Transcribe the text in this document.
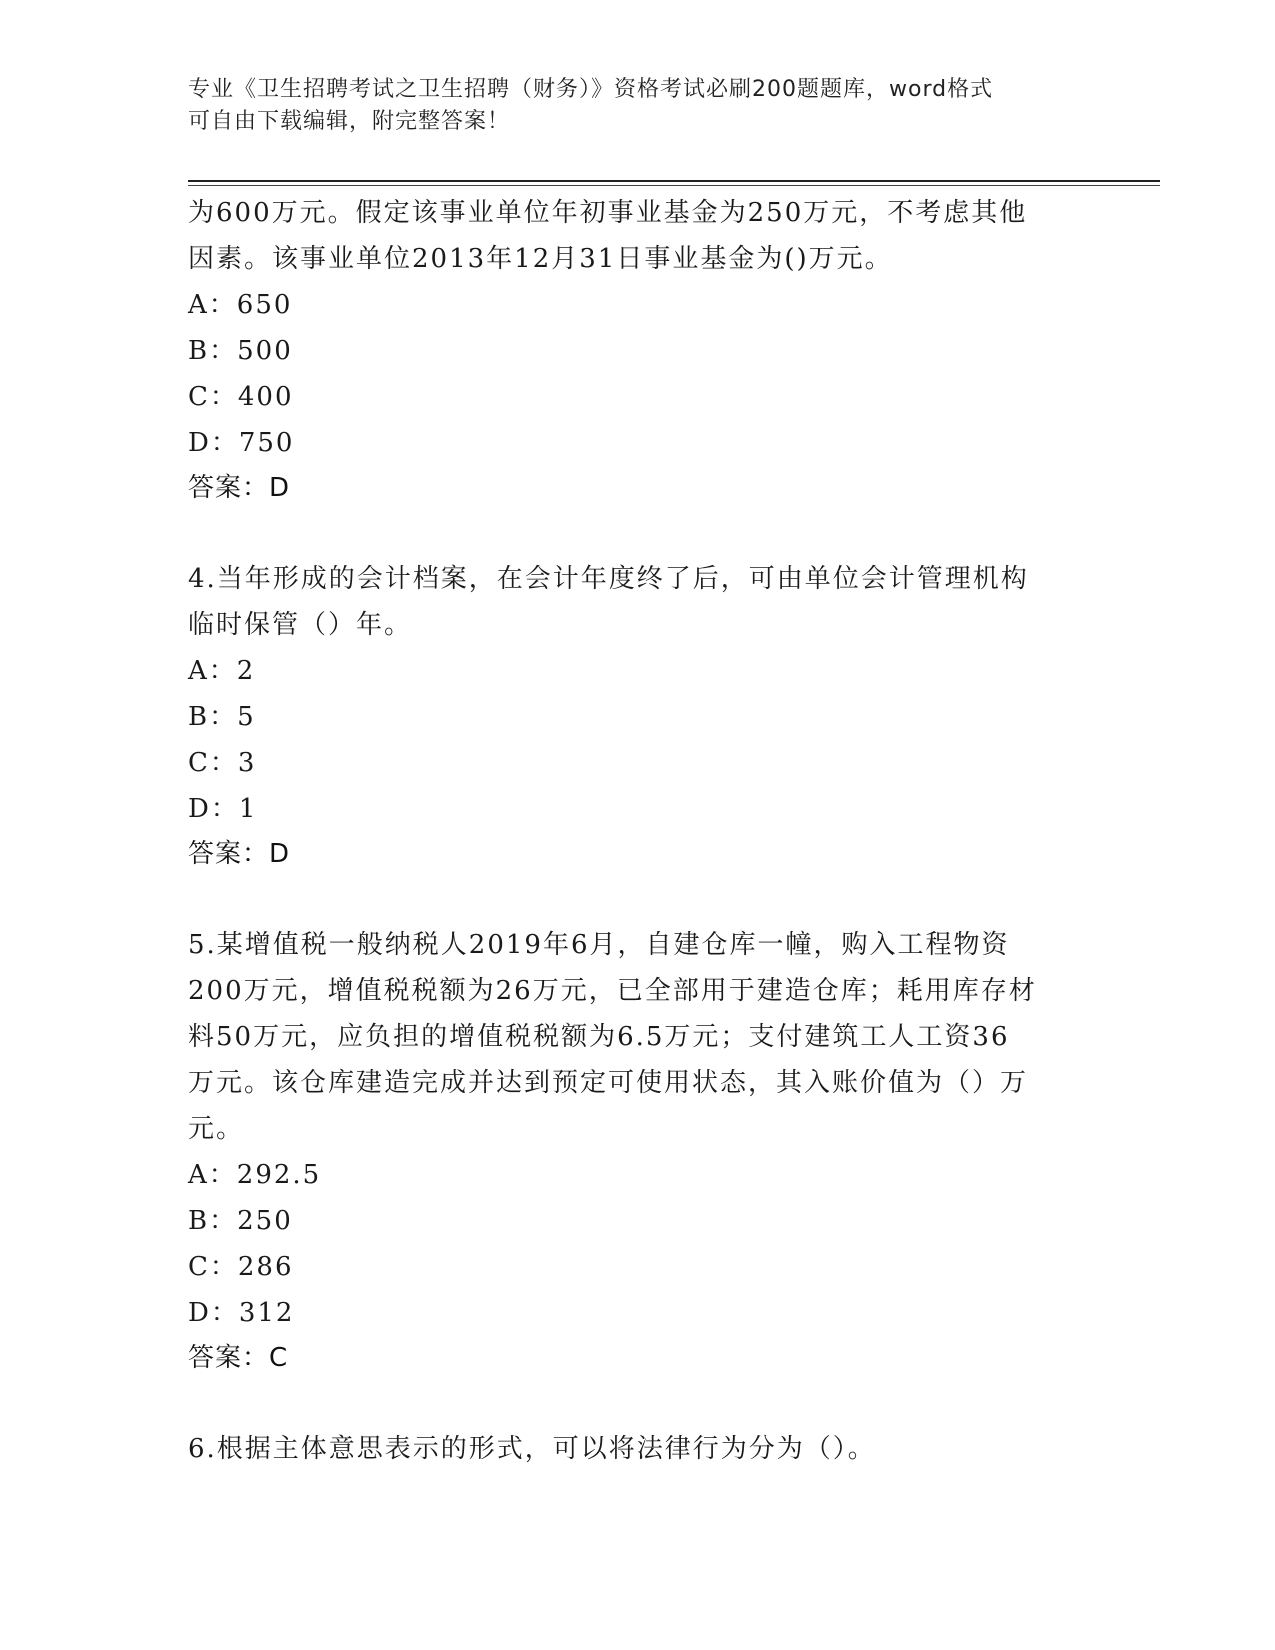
专业《卫生招聘考试之卫生招聘（财务）》资格考试必刷200题题库，word格式
可自由下载编辑，附完整答案！
为600万元。假定该事业单位年初事业基金为250万元，不考虑其他
因素。该事业单位2013年12月31日事业基金为()万元。
A：650
B：500
C：400
D：750
答案：D
4.当年形成的会计档案，在会计年度终了后，可由单位会计管理机构
临时保管（）年。
A：2
B：5
C：3
D：1
答案：D
5.某增值税一般纳税人2019年6月，自建仓库一幢，购入工程物资
200万元，增值税税额为26万元，已全部用于建造仓库；耗用库存材
料50万元，应负担的增值税税额为6.5万元；支付建筑工人工资36
万元。该仓库建造完成并达到预定可使用状态，其入账价值为（）万
元。
A：292.5
B：250
C：286
D：312
答案：C
6.根据主体意思表示的形式，可以将法律行为分为（）。
